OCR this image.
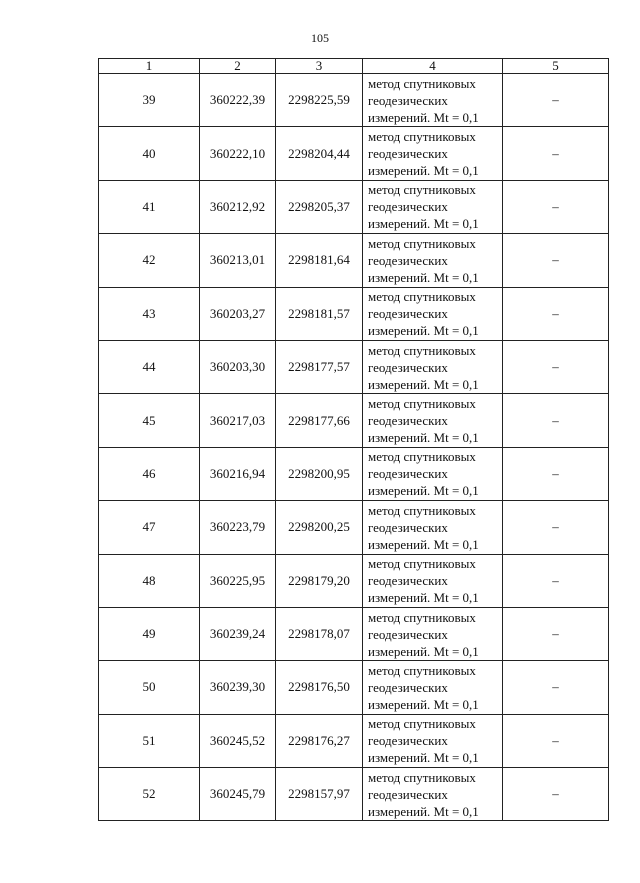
105
1	2	3	4	5
39	360222,39	2298225,59	метод спутниковых
геодезических
измерений. Mt = 0,1	–
40	360222,10	2298204,44	метод спутниковых
геодезических
измерений. Mt = 0,1	–
41	360212,92	2298205,37	метод спутниковых
геодезических
измерений. Mt = 0,1	–
42	360213,01	2298181,64	метод спутниковых
геодезических
измерений. Mt = 0,1	–
43	360203,27	2298181,57	метод спутниковых
геодезических
измерений. Mt = 0,1	–
44	360203,30	2298177,57	метод спутниковых
геодезических
измерений. Mt = 0,1	–
45	360217,03	2298177,66	метод спутниковых
геодезических
измерений. Mt = 0,1	–
46	360216,94	2298200,95	метод спутниковых
геодезических
измерений. Mt = 0,1	–
47	360223,79	2298200,25	метод спутниковых
геодезических
измерений. Mt = 0,1	–
48	360225,95	2298179,20	метод спутниковых
геодезических
измерений. Mt = 0,1	–
49	360239,24	2298178,07	метод спутниковых
геодезических
измерений. Mt = 0,1	–
50	360239,30	2298176,50	метод спутниковых
геодезических
измерений. Mt = 0,1	–
51	360245,52	2298176,27	метод спутниковых
геодезических
измерений. Mt = 0,1	–
52	360245,79	2298157,97	метод спутниковых
геодезических
измерений. Mt = 0,1	–
